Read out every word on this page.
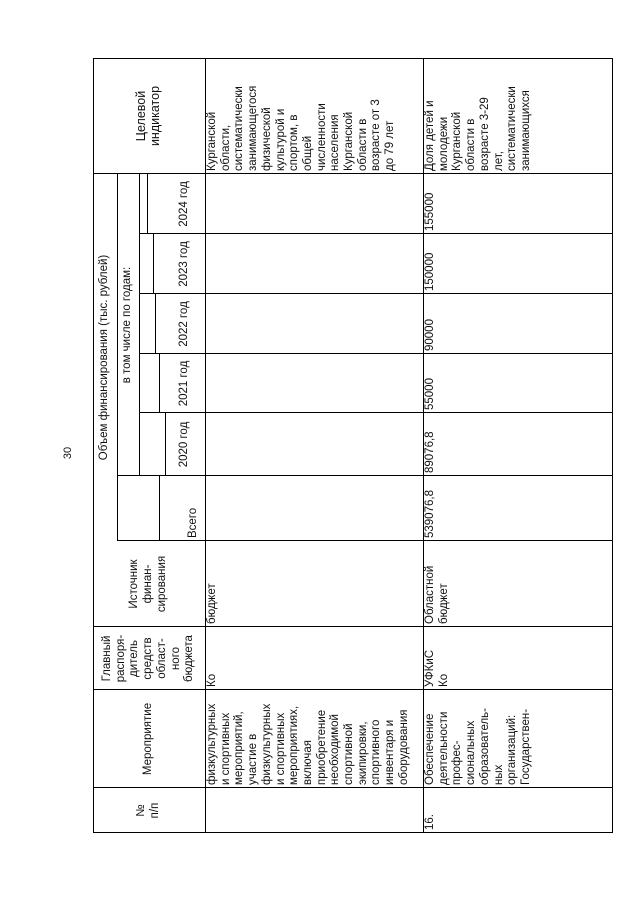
30
№
п/п
Мероприятие
Главный
распоря-
дитель
средств
област-
ного
бюджета
Источник
финан-
сирования
Объем финансирования (тыс. рублей)
Всего
в том числе по годам:
2020 год
2021 год
2022 год
2023 год
2024 год
Целевой
индикатор
физкультурных
и спортивных
мероприятий,
участие в
физкультурных
и спортивных
мероприятиях,
включая
приобретение
необходимой
спортивной
экипировки,
спортивного
инвентаря и
оборудования
Ко
бюджет
Курганской
области,
систематически
занимающегося
физической
культурой и
спортом, в
общей
численности
населения
Курганской
области в
возрасте от 3
до 79 лет
16.
Обеспечение
деятельности
профес-
сиональных
образователь-
ных
организаций:
Государствен-
УФКиС
Ко
Областной
бюджет
539076,8
89076,8
55000
90000
150000
155000
Доля детей и
молодежи
Курганской
области в
возрасте 3-29
лет,
систематически
занимающихся
